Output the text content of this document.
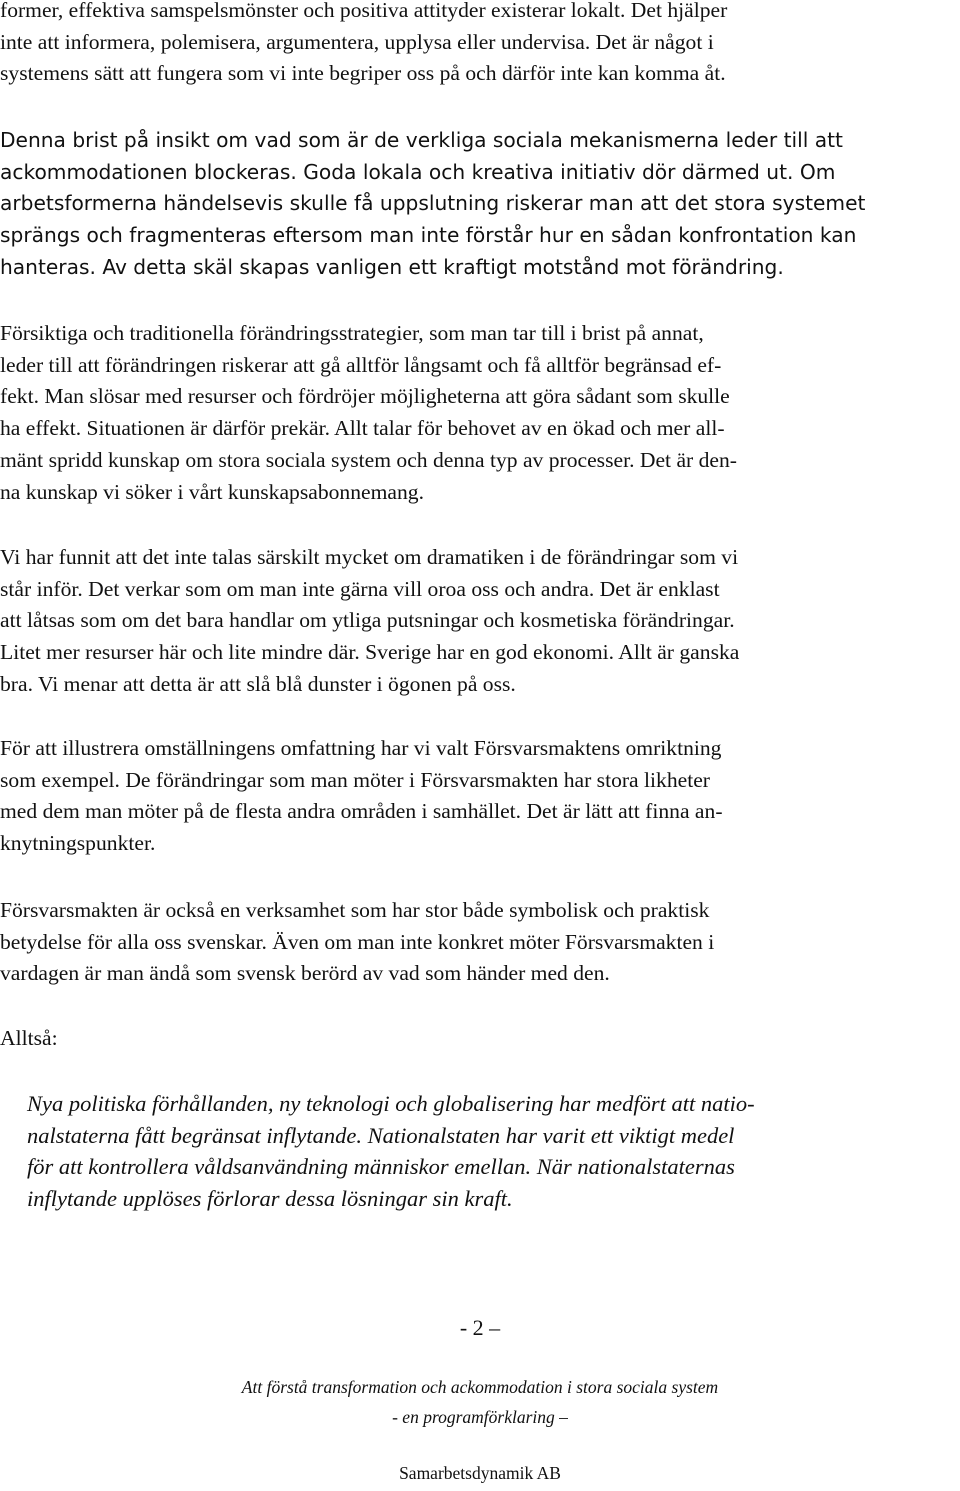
former, effektiva samspelsmönster och positiva attityder existerar lokalt. Det hjälper
inte att informera, polemisera, argumentera, upplysa eller undervisa. Det är något i
systemens sätt att fungera som vi inte begriper oss på och därför inte kan komma åt.
Denna brist på insikt om vad som är de verkliga sociala mekanismerna leder till att
ackommodationen blockeras. Goda lokala och kreativa initiativ dör därmed ut. Om
arbetsformerna händelsevis skulle få uppslutning riskerar man att det stora systemet
sprängs och fragmenteras eftersom man inte förstår hur en sådan konfrontation kan
hanteras. Av detta skäl skapas vanligen ett kraftigt motstånd mot förändring.
Försiktiga och traditionella förändringsstrategier, som man tar till i brist på annat,
leder till att förändringen riskerar att gå alltför långsamt och få alltför begränsad ef-
fekt. Man slösar med resurser och fördröjer möjligheterna att göra sådant som skulle
ha effekt. Situationen är därför prekär. Allt talar för behovet av en ökad och mer all-
mänt spridd kunskap om stora sociala system och denna typ av processer. Det är den-
na kunskap vi söker i vårt kunskapsabonnemang.
Vi har funnit att det inte talas särskilt mycket om dramatiken i de förändringar som vi
står inför. Det verkar som om man inte gärna vill oroa oss och andra. Det är enklast
att låtsas som om det bara handlar om ytliga putsningar och kosmetiska förändringar.
Litet mer resurser här och lite mindre där. Sverige har en god ekonomi. Allt är ganska
bra. Vi menar att detta är att slå blå dunster i ögonen på oss.
För att illustrera omställningens omfattning har vi valt Försvarsmaktens omriktning
som exempel. De förändringar som man möter i Försvarsmakten har stora likheter
med dem man möter på de flesta andra områden i samhället. Det är lätt att finna an-
knytningspunkter.
Försvarsmakten är också en verksamhet som har stor både symbolisk och praktisk
betydelse för alla oss svenskar. Även om man inte konkret möter Försvarsmakten i
vardagen är man ändå som svensk berörd av vad som händer med den.
Alltså:
Nya politiska förhållanden, ny teknologi och globalisering har medfört att natio-
nalstaterna fått begränsat inflytande. Nationalstaten har varit ett viktigt medel
för att kontrollera våldsanvändning människor emellan. När nationalstaternas
inflytande upplöses förlorar dessa lösningar sin kraft.
- 2 –
Att förstå transformation och ackommodation i stora sociala system
- en programförklaring –
Samarbetsdynamik AB
